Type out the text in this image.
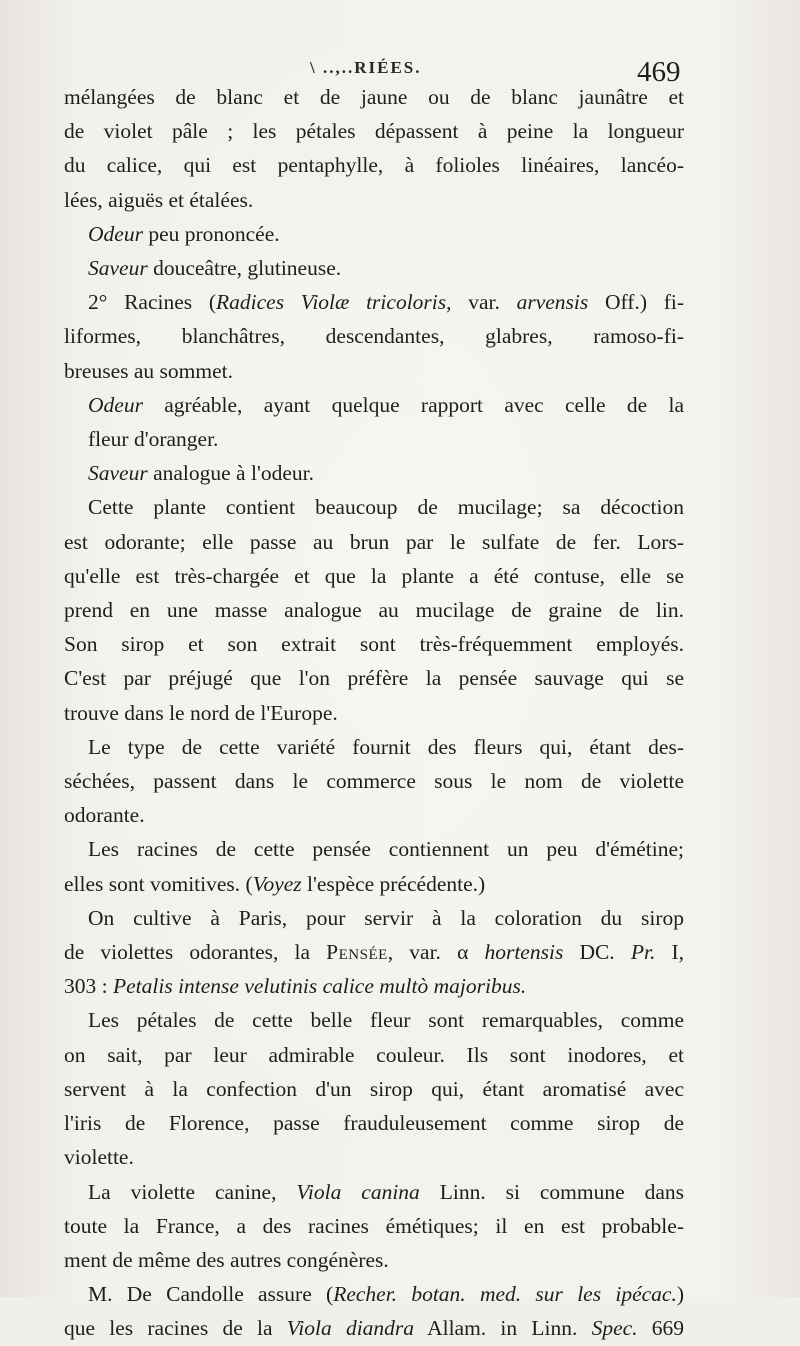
\ ..,..RIÉES.	469
mélangées de blanc et de jaune ou de blanc jaunâtre et
de violet pâle ; les pétales dépassent à peine la longueur
du calice, qui est pentaphylle, à folioles linéaires, lancéo-
lées, aiguës et étalées.
Odeur peu prononcée.
Saveur douceâtre, glutineuse.
2° Racines (Radices Violæ tricoloris, var. arvensis Off.) fi-
liformes, blanchâtres, descendantes, glabres, ramoso-fi-
breuses au sommet.
Odeur agréable, ayant quelque rapport avec celle de la
fleur d'oranger.
Saveur analogue à l'odeur.
Cette plante contient beaucoup de mucilage; sa décoction
est odorante; elle passe au brun par le sulfate de fer. Lors-
qu'elle est très-chargée et que la plante a été contuse, elle se
prend en une masse analogue au mucilage de graine de lin.
Son sirop et son extrait sont très-fréquemment employés.
C'est par préjugé que l'on préfère la pensée sauvage qui se
trouve dans le nord de l'Europe.
Le type de cette variété fournit des fleurs qui, étant des-
séchées, passent dans le commerce sous le nom de violette
odorante.
Les racines de cette pensée contiennent un peu d'émétine;
elles sont vomitives. (Voyez l'espèce précédente.)
On cultive à Paris, pour servir à la coloration du sirop
de violettes odorantes, la Pensée, var. α hortensis DC. Pr. I,
303 : Petalis intense velutinis calice multò majoribus.
Les pétales de cette belle fleur sont remarquables, comme
on sait, par leur admirable couleur. Ils sont inodores, et
servent à la confection d'un sirop qui, étant aromatisé avec
l'iris de Florence, passe frauduleusement comme sirop de
violette.
La violette canine, Viola canina Linn. si commune dans
toute la France, a des racines émétiques; il en est probable-
ment de même des autres congénères.
M. De Candolle assure (Recher. botan. med. sur les ipécac.)
que les racines de la Viola diandra Allam. in Linn. Spec. 669
